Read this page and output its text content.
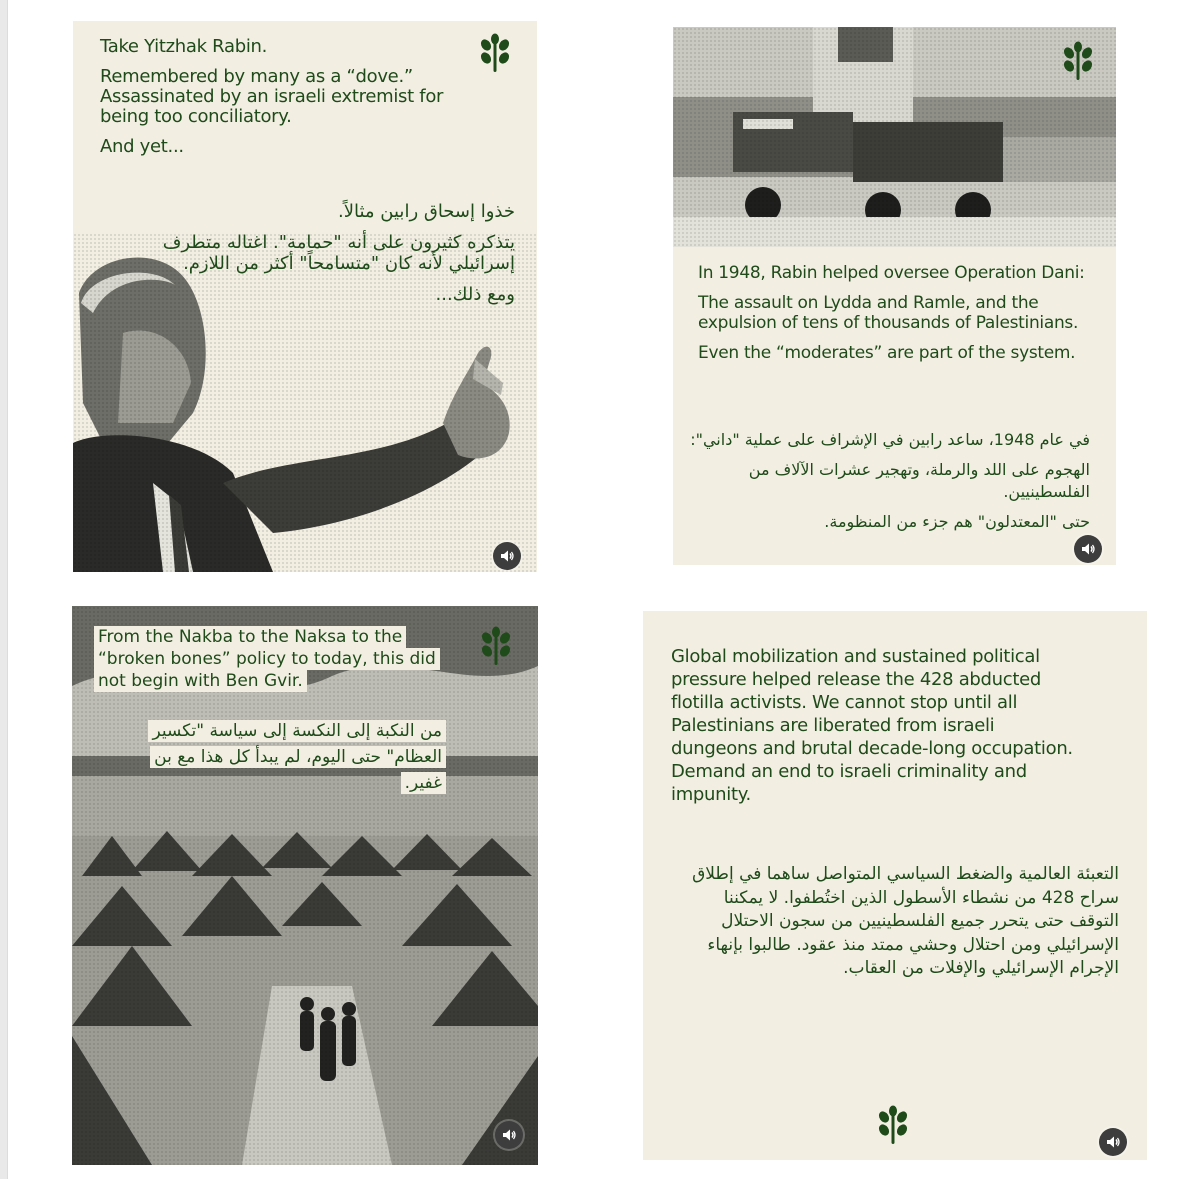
Take Yitzhak Rabin.

Remembered by many as a “dove.” Assassinated by an israeli extremist for being too conciliatory.

And yet...

خذوا إسحاق رابين مثالاً.

يتذكره كثيرون على أنه "حمامة". اغتاله متطرف إسرائيلي لأنه كان "متسامحاً" أكثر من اللازم.

ومع ذلك...

In 1948, Rabin helped oversee Operation Dani:

The assault on Lydda and Ramle, and the expulsion of tens of thousands of Palestinians.

Even the “moderates” are part of the system.

في عام 1948، ساعد رابين في الإشراف على عملية "داني":

الهجوم على اللد والرملة، وتهجير عشرات الآلاف من الفلسطينيين.

حتى "المعتدلون" هم جزء من المنظومة.

From the Nakba to the Naksa to the “broken bones” policy to today, this did not begin with Ben Gvir.
من النكبة إلى النكسة إلى سياسة "تكسير العظام" حتى اليوم، لم يبدأ كل هذا مع بن غفير.
Global mobilization and sustained political pressure helped release the 428 abducted flotilla activists. We cannot stop until all Palestinians are liberated from israeli dungeons and brutal decade-long occupation. Demand an end to israeli criminality and impunity.
التعبئة العالمية والضغط السياسي المتواصل ساهما في إطلاق سراح 428 من نشطاء الأسطول الذين اختُطفوا. لا يمكننا التوقف حتى يتحرر جميع الفلسطينيين من سجون الاحتلال الإسرائيلي ومن احتلال وحشي ممتد منذ عقود. طالبوا بإنهاء الإجرام الإسرائيلي والإفلات من العقاب.
